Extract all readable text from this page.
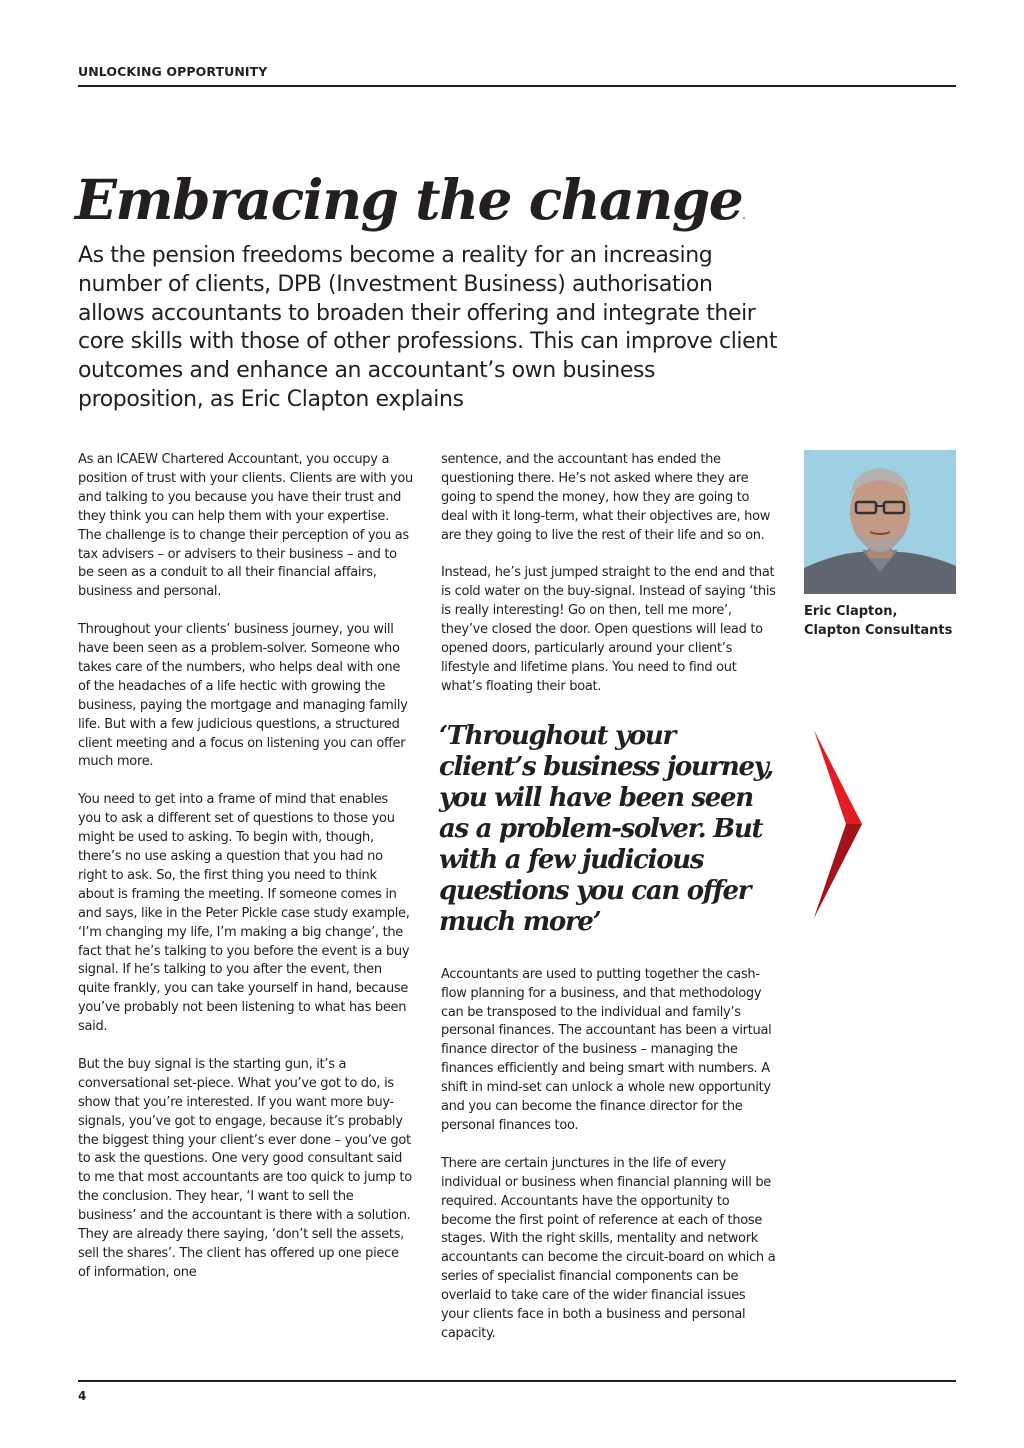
UNLOCKING OPPORTUNITY
Embracing the change.

As the pension freedoms become a reality for an increasing number of clients, DPB (Investment Business) authorisation allows accountants to broaden their offering and integrate their core skills with those of other professions. This can improve client outcomes and enhance an accountant’s own business proposition, as Eric Clapton explains

As an ICAEW Chartered Accountant, you occupy a position of trust with your clients. Clients are with you and talking to you because you have their trust and they think you can help them with your expertise. The challenge is to change their perception of you as tax advisers – or advisers to their business – and to be seen as a conduit to all their financial affairs, business and personal.

Throughout your clients’ business journey, you will have been seen as a problem-solver. Someone who takes care of the numbers, who helps deal with one of the headaches of a life hectic with growing the business, paying the mortgage and managing family life. But with a few judicious questions, a structured client meeting and a focus on listening you can offer much more.

You need to get into a frame of mind that enables you to ask a different set of questions to those you might be used to asking. To begin with, though, there’s no use asking a question that you had no right to ask. So, the first thing you need to think about is framing the meeting. If someone comes in and says, like in the Peter Pickle case study example, ‘I’m changing my life, I’m making a big change’, the fact that he’s talking to you before the event is a buy signal. If he’s talking to you after the event, then quite frankly, you can take yourself in hand, because you’ve probably not been listening to what has been said.

But the buy signal is the starting gun, it’s a conversational set-piece. What you’ve got to do, is show that you’re interested. If you want more buy-signals, you’ve got to engage, because it’s probably the biggest thing your client’s ever done – you’ve got to ask the questions. One very good consultant said to me that most accountants are too quick to jump to the conclusion. They hear, ‘I want to sell the business’ and the accountant is there with a solution. They are already there saying, ‘don’t sell the assets, sell the shares’. The client has offered up one piece of information, one

sentence, and the accountant has ended the questioning there. He’s not asked where they are going to spend the money, how they are going to deal with it long-term, what their objectives are, how are they going to live the rest of their life and so on.

Instead, he’s just jumped straight to the end and that is cold water on the buy-signal. Instead of saying ‘this is really interesting! Go on then, tell me more’, they’ve closed the door. Open questions will lead to opened doors, particularly around your client’s lifestyle and lifetime plans. You need to find out what’s floating their boat.

‘Throughout your client’s business journey, you will have been seen as a problem-solver. But with a few judicious questions you can offer much more’

Accountants are used to putting together the cash-flow planning for a business, and that methodology can be transposed to the individual and family’s personal finances. The accountant has been a virtual finance director of the business – managing the finances efficiently and being smart with numbers. A shift in mind-set can unlock a whole new opportunity and you can become the finance director for the personal finances too.

There are certain junctures in the life of every individual or business when financial planning will be required. Accountants have the opportunity to become the first point of reference at each of those stages. With the right skills, mentality and network accountants can become the circuit-board on which a series of specialist financial components can be overlaid to take care of the wider financial issues your clients face in both a business and personal capacity.

Eric Clapton,
Clapton Consultants
4
